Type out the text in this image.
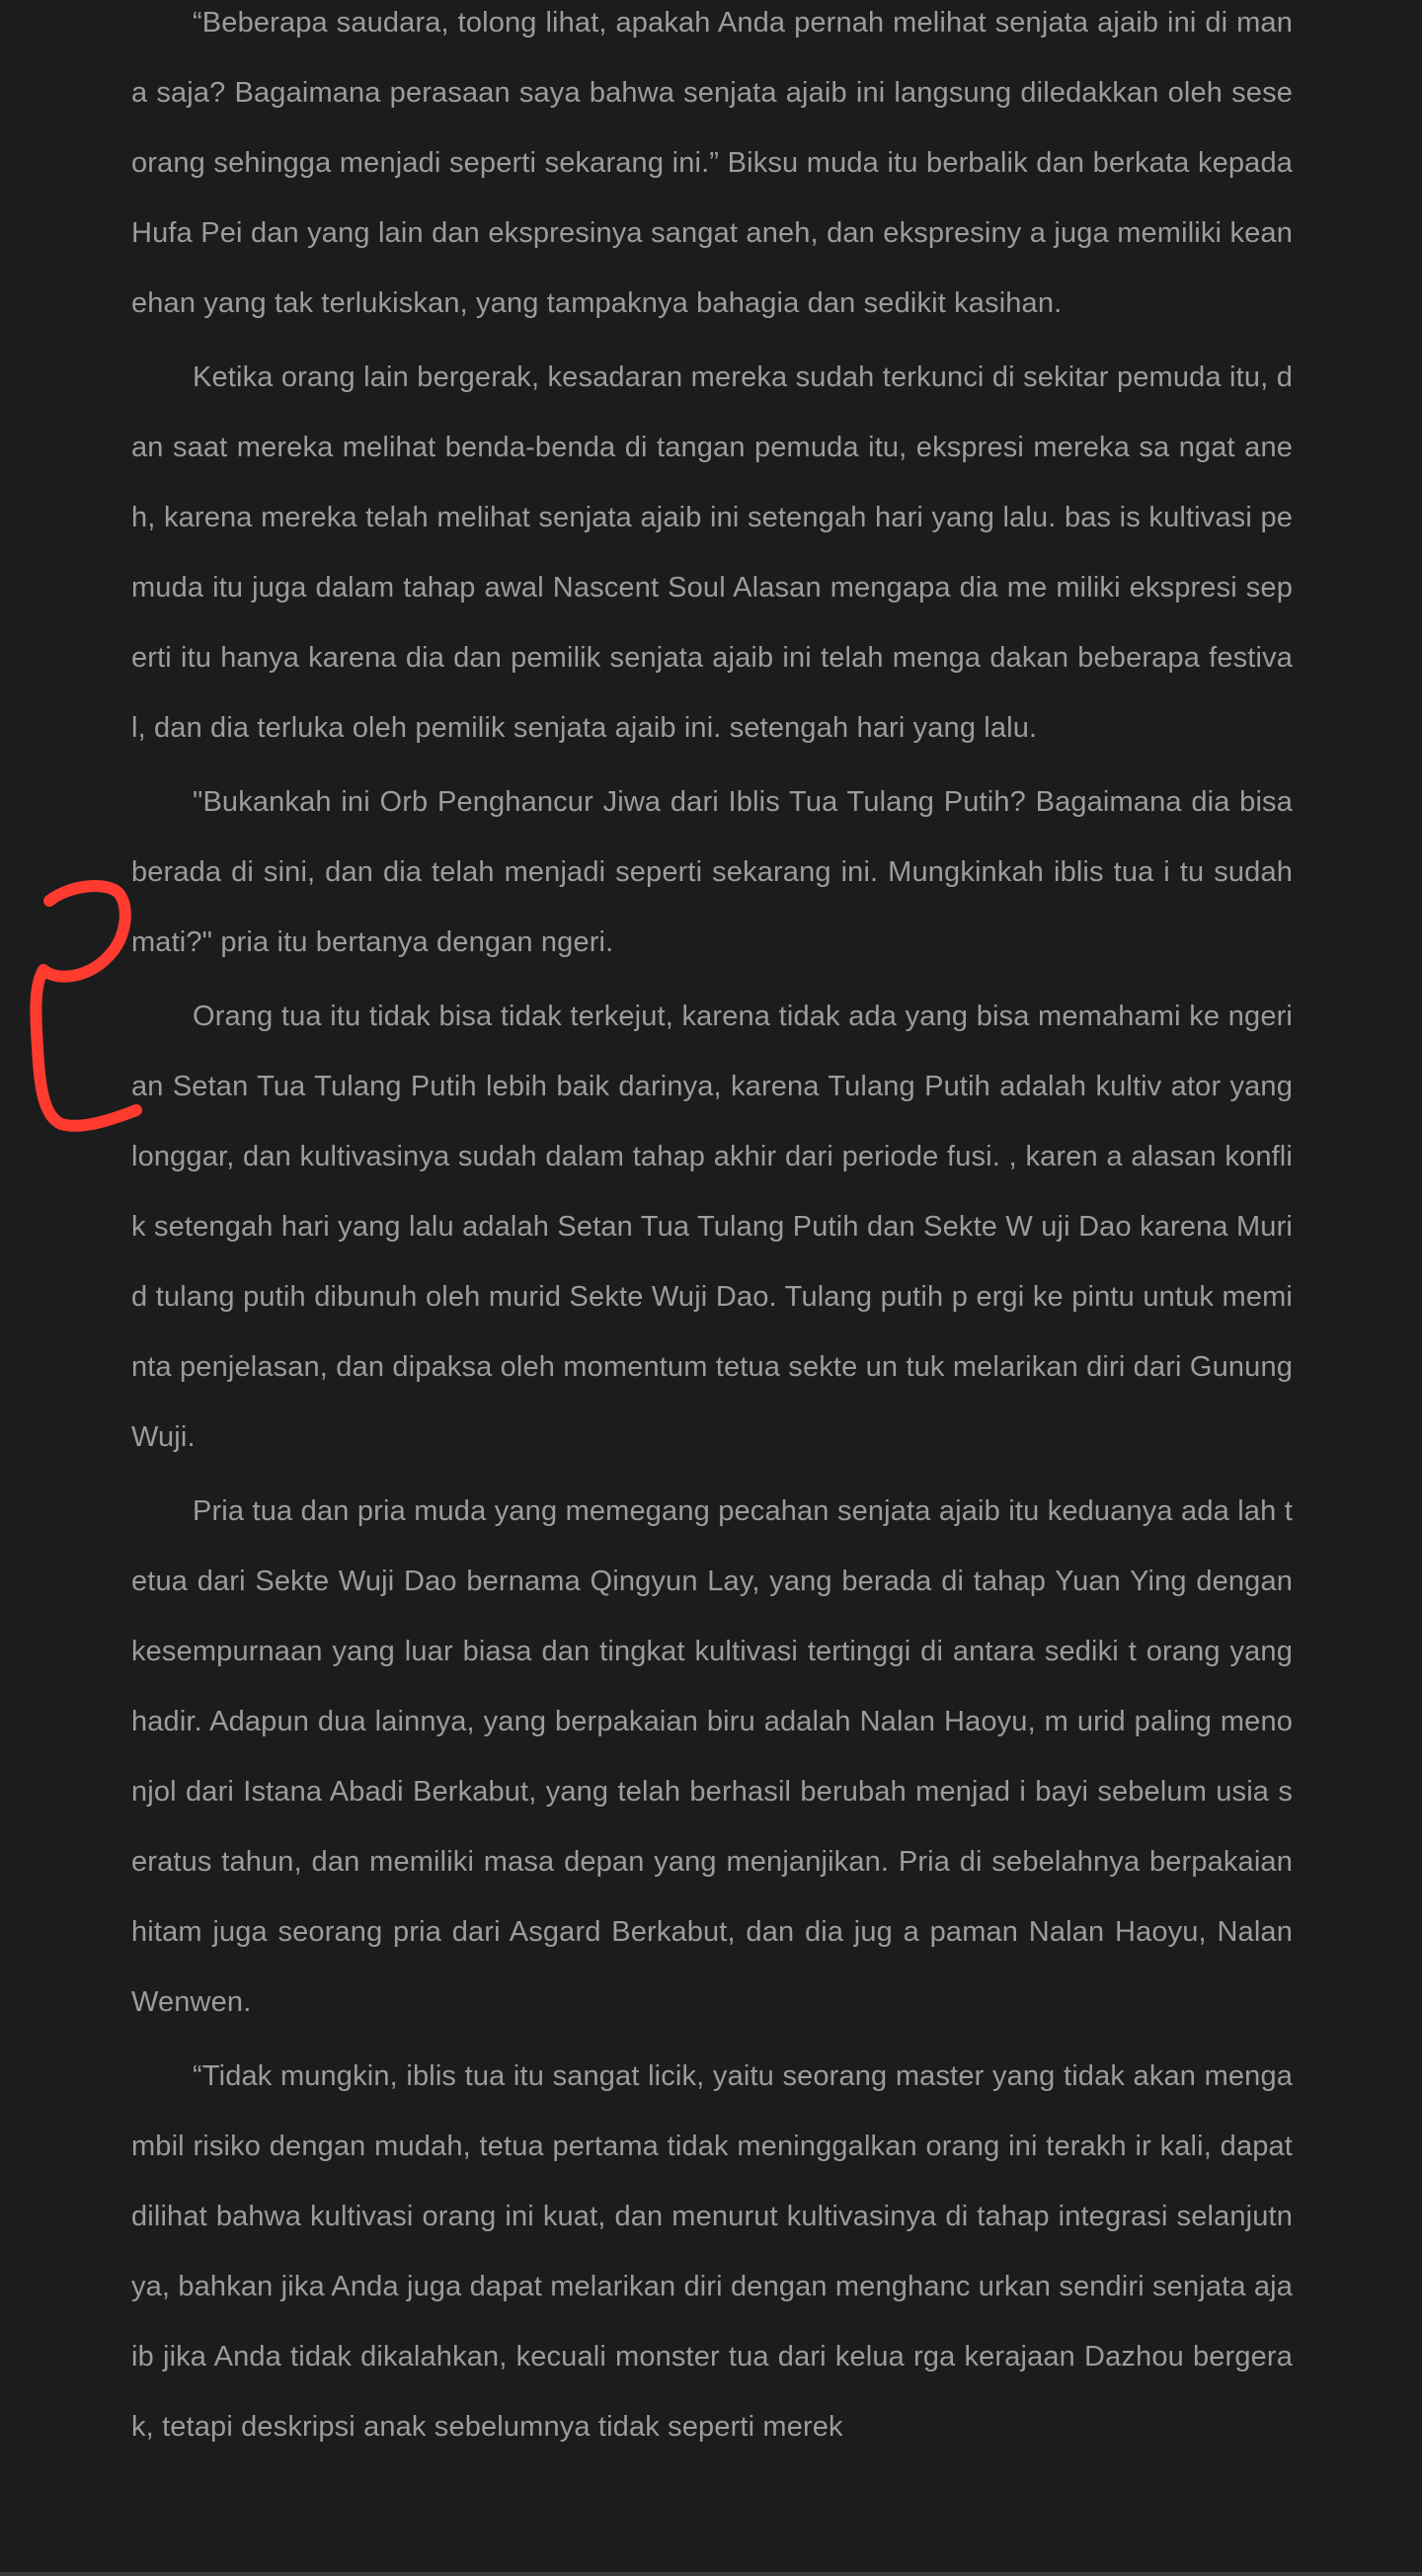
“Beberapa saudara, tolong lihat, apakah Anda pernah melihat senjata ajaib ini di mana saja? Bagaimana perasaan saya bahwa senjata ajaib ini langsung diledakkan oleh seseorang sehingga menjadi seperti sekarang ini.” Biksu muda itu berbalik dan berkata kepada Hufa Pei dan yang lain dan ekspresinya sangat aneh, dan ekspresiny a juga memiliki keanehan yang tak terlukiskan, yang tampaknya bahagia dan sedikit kasihan.

Ketika orang lain bergerak, kesadaran mereka sudah terkunci di sekitar pemuda itu, dan saat mereka melihat benda-benda di tangan pemuda itu, ekspresi mereka sa ngat aneh, karena mereka telah melihat senjata ajaib ini setengah hari yang lalu. bas is kultivasi pemuda itu juga dalam tahap awal Nascent Soul Alasan mengapa dia me miliki ekspresi seperti itu hanya karena dia dan pemilik senjata ajaib ini telah menga dakan beberapa festival, dan dia terluka oleh pemilik senjata ajaib ini. setengah hari yang lalu.

"Bukankah ini Orb Penghancur Jiwa dari Iblis Tua Tulang Putih? Bagaimana dia bisa berada di sini, dan dia telah menjadi seperti sekarang ini. Mungkinkah iblis tua i tu sudah mati?" pria itu bertanya dengan ngeri.

Orang tua itu tidak bisa tidak terkejut, karena tidak ada yang bisa memahami ke ngerian Setan Tua Tulang Putih lebih baik darinya, karena Tulang Putih adalah kultiv ator yang longgar, dan kultivasinya sudah dalam tahap akhir dari periode fusi. , karen a alasan konflik setengah hari yang lalu adalah Setan Tua Tulang Putih dan Sekte W uji Dao karena Murid tulang putih dibunuh oleh murid Sekte Wuji Dao. Tulang putih p ergi ke pintu untuk meminta penjelasan, dan dipaksa oleh momentum tetua sekte un tuk melarikan diri dari Gunung Wuji.

Pria tua dan pria muda yang memegang pecahan senjata ajaib itu keduanya ada lah tetua dari Sekte Wuji Dao bernama Qingyun Lay, yang berada di tahap Yuan Ying dengan kesempurnaan yang luar biasa dan tingkat kultivasi tertinggi di antara sediki t orang yang hadir. Adapun dua lainnya, yang berpakaian biru adalah Nalan Haoyu, m urid paling menonjol dari Istana Abadi Berkabut, yang telah berhasil berubah menjad i bayi sebelum usia seratus tahun, dan memiliki masa depan yang menjanjikan. Pria di sebelahnya berpakaian hitam juga seorang pria dari Asgard Berkabut, dan dia jug a paman Nalan Haoyu, Nalan Wenwen.

“Tidak mungkin, iblis tua itu sangat licik, yaitu seorang master yang tidak akan mengambil risiko dengan mudah, tetua pertama tidak meninggalkan orang ini terakh ir kali, dapat dilihat bahwa kultivasi orang ini kuat, dan menurut kultivasinya di tahap integrasi selanjutnya, bahkan jika Anda juga dapat melarikan diri dengan menghanc urkan sendiri senjata ajaib jika Anda tidak dikalahkan, kecuali monster tua dari kelua rga kerajaan Dazhou bergerak, tetapi deskripsi anak sebelumnya tidak seperti merek
